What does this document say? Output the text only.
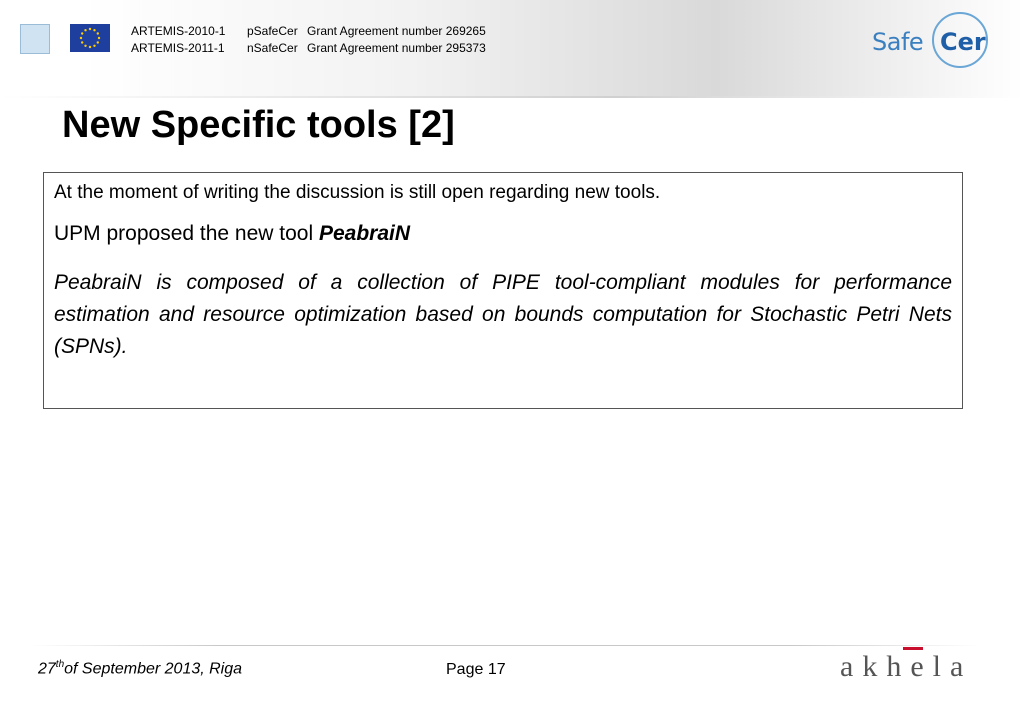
ARTEMIS-2010-1 pSafeCer Grant Agreement number 269265
ARTEMIS-2011-1 nSafeCer Grant Agreement number 295373	Safe Cer
New Specific tools [2]

At the moment of writing the discussion is still open regarding new tools.

UPM proposed the new tool PeabraiN

PeabraiN is composed of a collection of PIPE tool-compliant modules for performance estimation and resource optimization based on bounds computation for Stochastic Petri Nets (SPNs).

27thof September 2013, Riga	Page 17	akhela
